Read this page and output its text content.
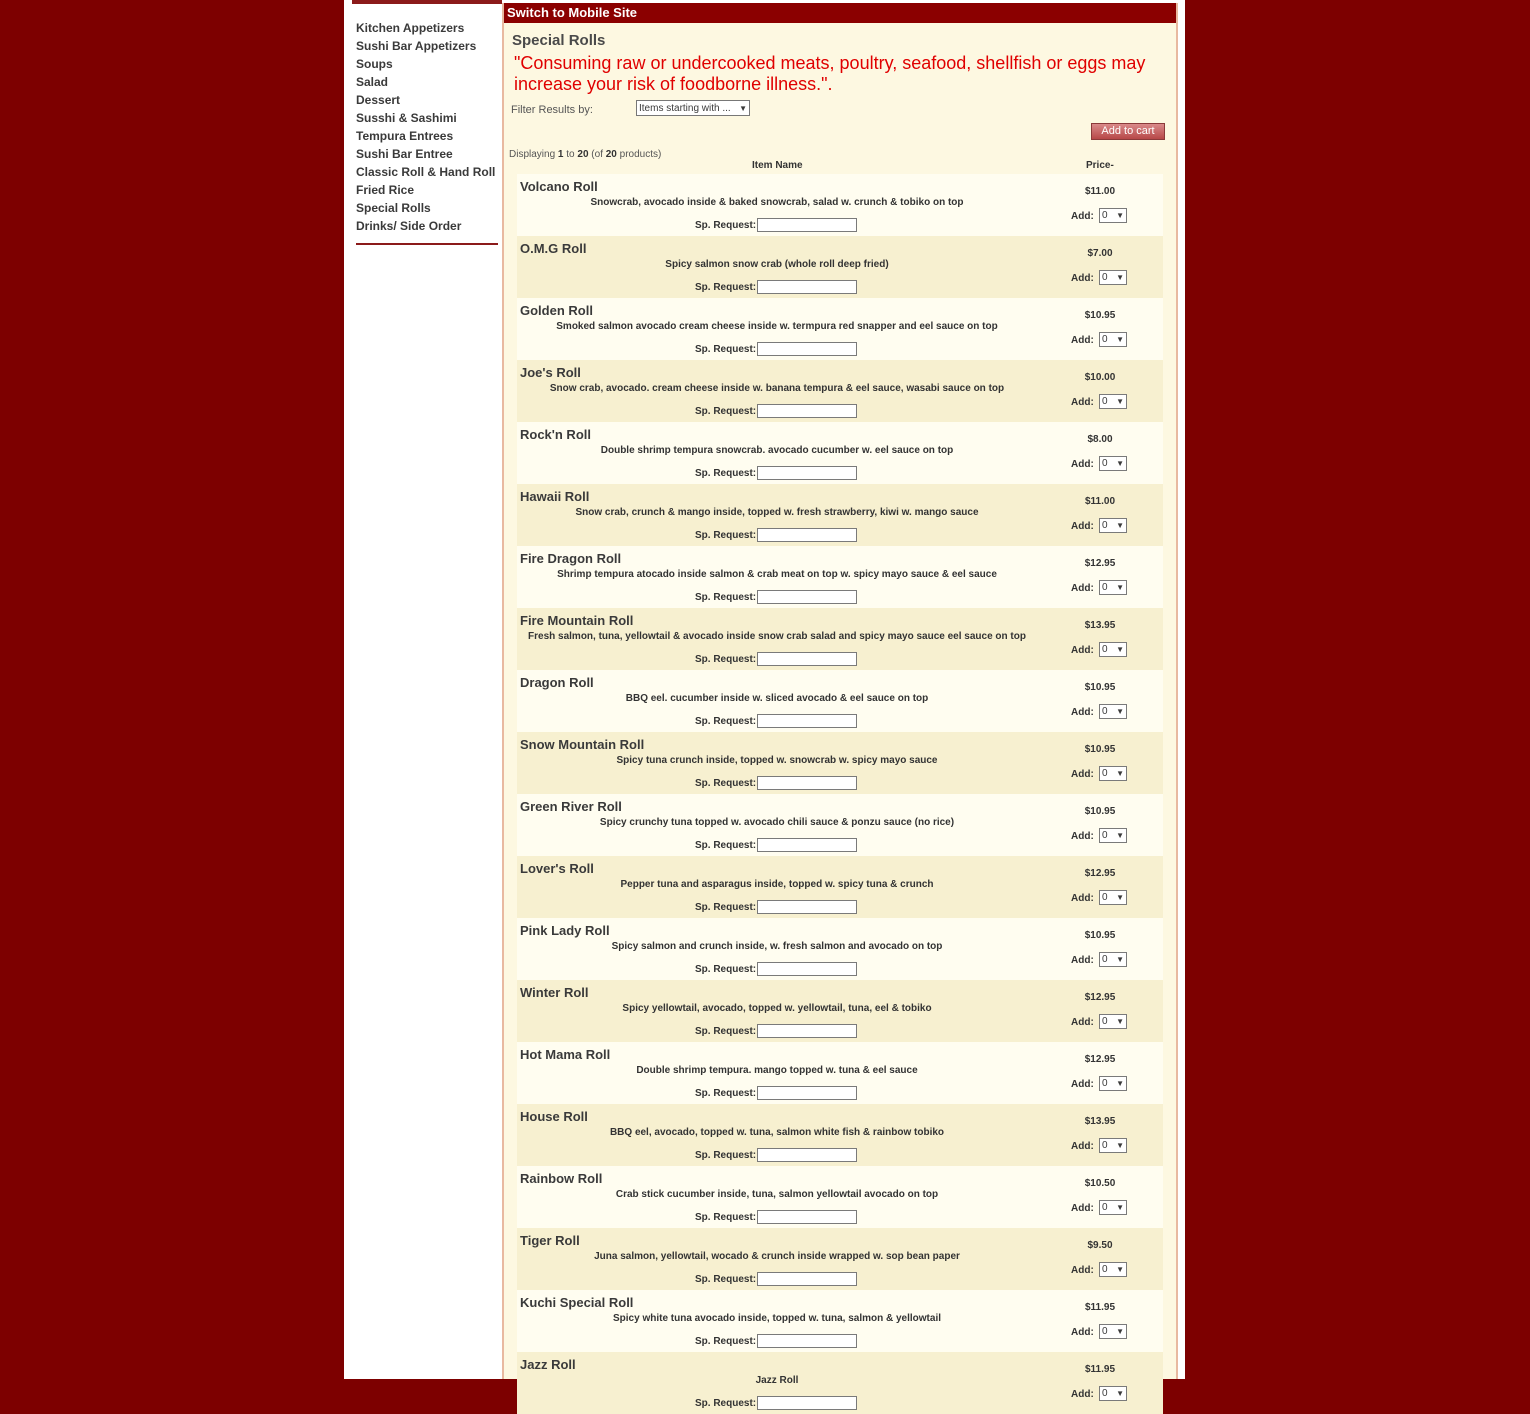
Kitchen Appetizers
Sushi Bar Appetizers
Soups
Salad
Dessert
Susshi & Sashimi
Tempura Entrees
Sushi Bar Entree
Classic Roll & Hand Roll
Fried Rice
Special Rolls
Drinks/ Side Order
Switch to Mobile Site
Special Rolls
"Consuming raw or undercooked meats, poultry, seafood, shellfish or eggs may increase your risk of foodborne illness.".
Filter Results by:	Items starting with ... ▼
Add to cart
Displaying 1 to 20 (of 20 products)
Item Name	Price-
Volcano Roll
Snowcrab, avocado inside & baked snowcrab, salad w. crunch & tobiko on top
Sp. Request:
$11.00
Add: 0 ▼
O.M.G Roll
Spicy salmon snow crab (whole roll deep fried)
Sp. Request:
$7.00
Add: 0 ▼
Golden Roll
Smoked salmon avocado cream cheese inside w. termpura red snapper and eel sauce on top
Sp. Request:
$10.95
Add: 0 ▼
Joe's Roll
Snow crab, avocado. cream cheese inside w. banana tempura & eel sauce, wasabi sauce on top
Sp. Request:
$10.00
Add: 0 ▼
Rock'n Roll
Double shrimp tempura snowcrab. avocado cucumber w. eel sauce on top
Sp. Request:
$8.00
Add: 0 ▼
Hawaii Roll
Snow crab, crunch & mango inside, topped w. fresh strawberry, kiwi w. mango sauce
Sp. Request:
$11.00
Add: 0 ▼
Fire Dragon Roll
Shrimp tempura atocado inside salmon & crab meat on top w. spicy mayo sauce & eel sauce
Sp. Request:
$12.95
Add: 0 ▼
Fire Mountain Roll
Fresh salmon, tuna, yellowtail & avocado inside snow crab salad and spicy mayo sauce eel sauce on top
Sp. Request:
$13.95
Add: 0 ▼
Dragon Roll
BBQ eel. cucumber inside w. sliced avocado & eel sauce on top
Sp. Request:
$10.95
Add: 0 ▼
Snow Mountain Roll
Spicy tuna crunch inside, topped w. snowcrab w. spicy mayo sauce
Sp. Request:
$10.95
Add: 0 ▼
Green River Roll
Spicy crunchy tuna topped w. avocado chili sauce & ponzu sauce (no rice)
Sp. Request:
$10.95
Add: 0 ▼
Lover's Roll
Pepper tuna and asparagus inside, topped w. spicy tuna & crunch
Sp. Request:
$12.95
Add: 0 ▼
Pink Lady Roll
Spicy salmon and crunch inside, w. fresh salmon and avocado on top
Sp. Request:
$10.95
Add: 0 ▼
Winter Roll
Spicy yellowtail, avocado, topped w. yellowtail, tuna, eel & tobiko
Sp. Request:
$12.95
Add: 0 ▼
Hot Mama Roll
Double shrimp tempura. mango topped w. tuna & eel sauce
Sp. Request:
$12.95
Add: 0 ▼
House Roll
BBQ eel, avocado, topped w. tuna, salmon white fish & rainbow tobiko
Sp. Request:
$13.95
Add: 0 ▼
Rainbow Roll
Crab stick cucumber inside, tuna, salmon yellowtail avocado on top
Sp. Request:
$10.50
Add: 0 ▼
Tiger Roll
Juna salmon, yellowtail, wocado & crunch inside wrapped w. sop bean paper
Sp. Request:
$9.50
Add: 0 ▼
Kuchi Special Roll
Spicy white tuna avocado inside, topped w. tuna, salmon & yellowtail
Sp. Request:
$11.95
Add: 0 ▼
Jazz Roll
Jazz Roll
Sp. Request:
$11.95
Add: 0 ▼
